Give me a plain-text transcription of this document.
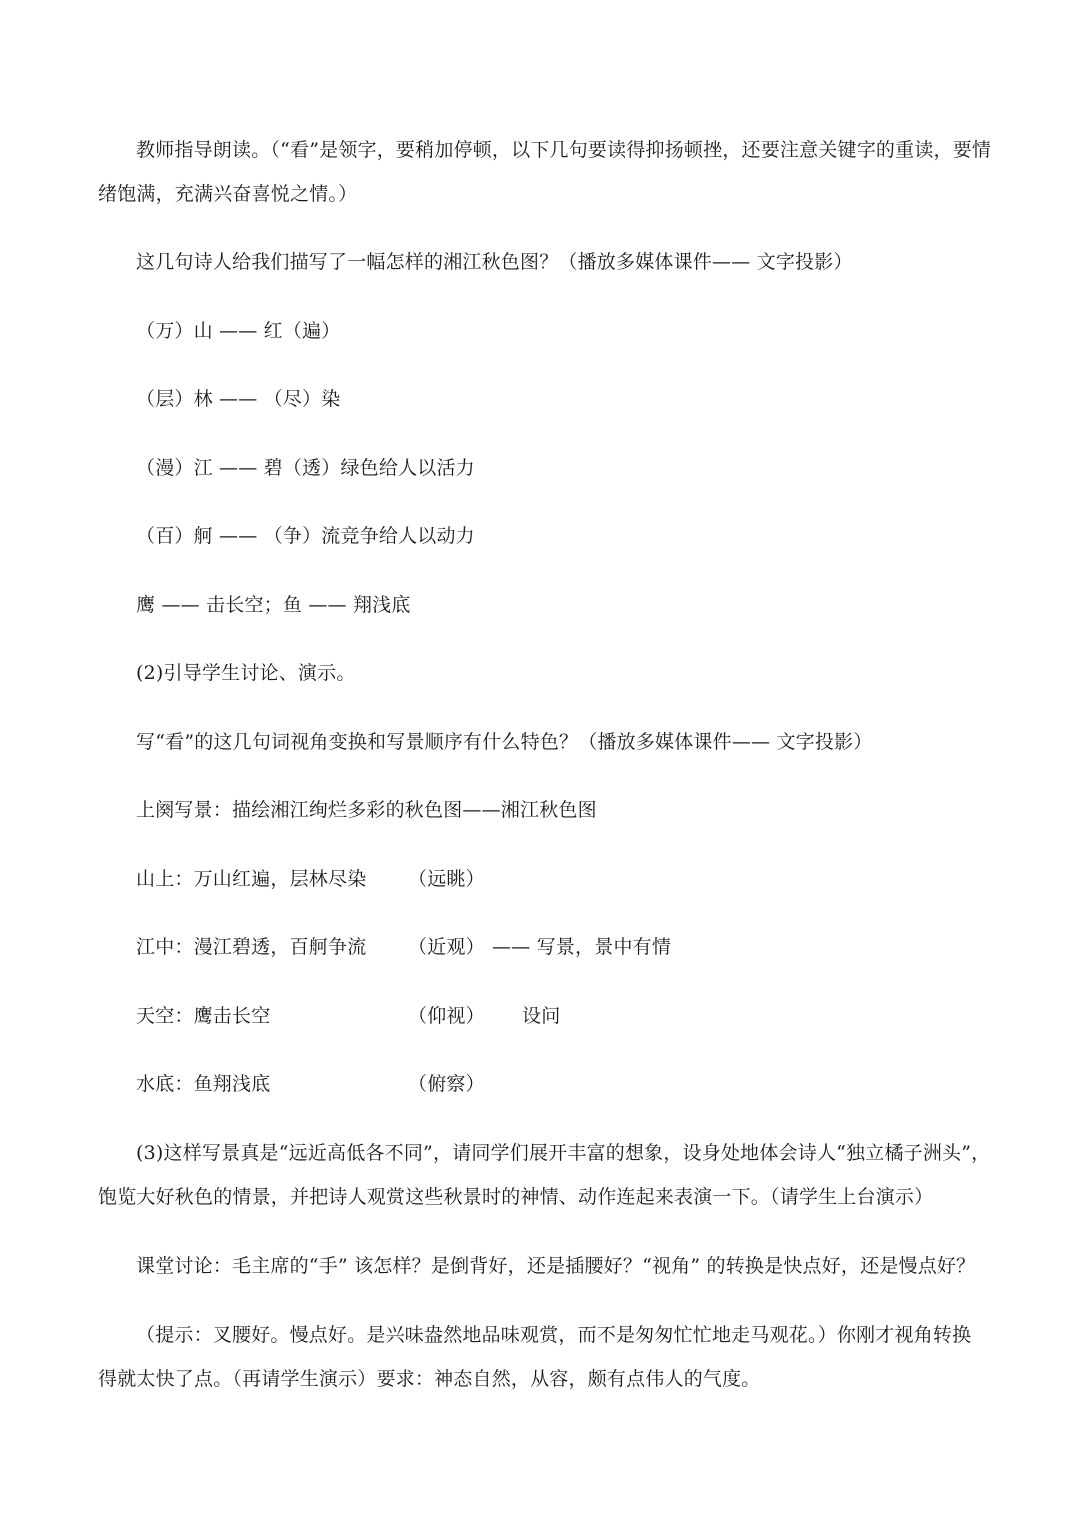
教师指导朗读。（“看”是领字，要稍加停顿，以下几句要读得抑扬顿挫，还要注意关键字的重读，要情
绪饱满，充满兴奋喜悦之情。）
这几句诗人给我们描写了一幅怎样的湘江秋色图？（播放多媒体课件—— 文字投影）
（万）山 —— 红（遍）
（层）林 —— （尽）染
（漫）江 —— 碧（透）绿色给人以活力
（百）舸 —— （争）流竞争给人以动力
鹰 —— 击长空；鱼 —— 翔浅底
(2)引导学生讨论、演示。
写“看”的这几句词视角变换和写景顺序有什么特色？（播放多媒体课件—— 文字投影）
上阕写景：描绘湘江绚烂多彩的秋色图——湘江秋色图
山上：万山红遍，层林尽染 （远眺）
江中：漫江碧透，百舸争流 （近观） —— 写景，景中有情
天空：鹰击长空	（仰视） 设问
水底：鱼翔浅底	（俯察）
(3)这样写景真是“远近高低各不同”，请同学们展开丰富的想象，设身处地体会诗人“独立橘子洲头”，
饱览大好秋色的情景，并把诗人观赏这些秋景时的神情、动作连起来表演一下。（请学生上台演示）
课堂讨论：毛主席的“手” 该怎样？是倒背好，还是插腰好？“视角” 的转换是快点好，还是慢点好？
（提示：叉腰好。慢点好。是兴味盎然地品味观赏，而不是匆匆忙忙地走马观花。）你刚才视角转换
得就太快了点。（再请学生演示）要求：神态自然，从容，颇有点伟人的气度。
